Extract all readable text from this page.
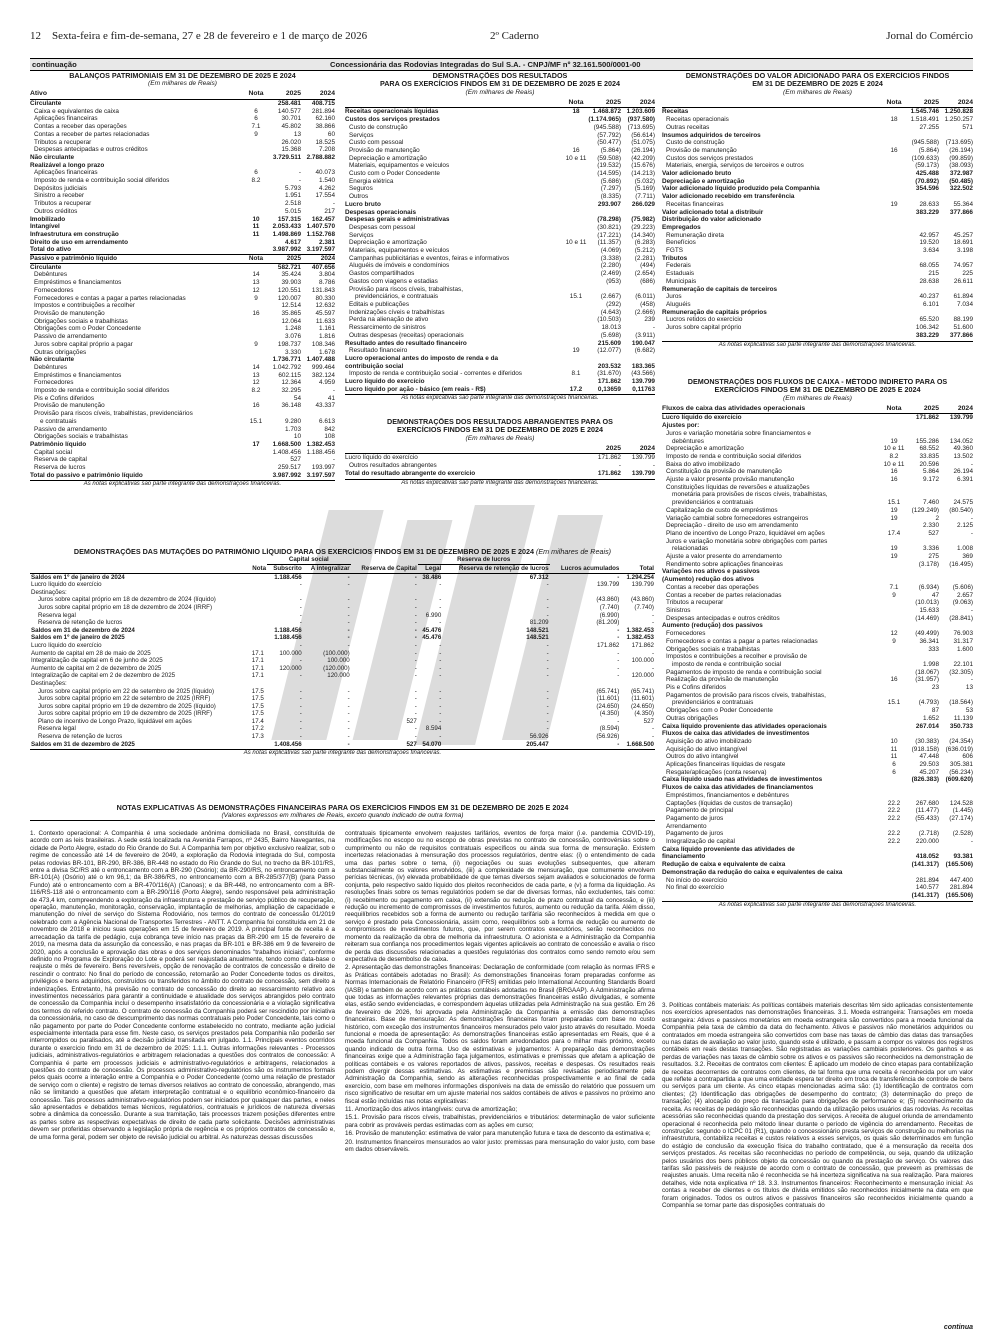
12 Sexta-feira e fim-de-semana, 27 e 28 de fevereiro e 1 de março de 2026	2º Caderno	Jornal do Comércio
continuação	Concessionária das Rodovias Integradas do Sul S.A. - CNPJ/MF nº 32.161.500/0001-00
BALANÇOS PATRIMONIAIS EM 31 DE DEZEMBRO DE 2025 E 2024
(Em milhares de Reais)
Ativo	Nota	2025	2024
Circulante	258.481	408.715
Caixa e equivalentes de caixa	6	140.577	281.894
Aplicações financeiras	6	30.701	62.160
Contas a receber das operações	7.1	45.802	38.866
Contas a receber de partes relacionadas	9	13	60
Tributos a recuperar	26.020	18.525
Despesas antecipadas e outros créditos	15.368	7.208
Não circulante	3.729.511 2.788.882
Realizável a longo prazo
Aplicações financeiras	6	-	40.073
Imposto de renda e contribuição social diferidos	8.2	-	1.540
Depósitos judiciais	5.793	4.262
Sinistro a receber	1.951	17.554
Tributos a recuperar	2.518	-
Outros créditos	5.015	217
Imobilizado	10	157.315	162.457
Intangível	11	2.053.433 1.407.570
Infraestrutura em construção	11	1.498.869 1.152.768
Direito de uso em arrendamento	4.617	2.381
Total do ativo	3.987.992 3.197.597
Passivo e patrimônio líquido	Nota	2025	2024
Circulante	582.721	407.656
Debêntures	14	35.424	3.804
Empréstimos e financiamentos	13	39.903	8.786
Fornecedores	12	120.551	131.843
Fornecedores e contas a pagar a partes relacionadas	9	120.007	80.330
Impostos e contribuições a recolher	12.514	12.632
Provisão de manutenção	16	35.865	45.597
Obrigações sociais e trabalhistas	12.064	11.633
Obrigações com o Poder Concedente	1.248	1.161
Passivo de arrendamento	3.076	1.816
Juros sobre capital próprio a pagar	9	198.737	108.346
Outras obrigações	3.330	1.678
Não circulante	1.736.771 1.407.488
Debêntures	14	1.042.792	999.464
Empréstimos e financiamentos	13	602.115	382.124
Fornecedores	12	12.364	4.959
Imposto de renda e contribuição social diferidos	8.2	32.295	-
Pis e Cofins diferidos	54	41
Provisão de manutenção	16	36.148	43.337
Provisão para riscos cíveis, trabalhistas, previdenciários
e contratuais	15.1	9.280	6.613
Passivo de arrendamento	1.703	842
Obrigações sociais e trabalhistas	10	108
Patrimônio líquido	17	1.668.500 1.382.453
Capital social	1.408.456 1.188.456
Reserva de capital	527	-
Reserva de lucros	259.517	193.997
Total do passivo e patrimônio líquido	3.987.992 3.197.597
As notas explicativas são parte integrante das demonstrações financeiras.
DEMONSTRAÇÕES DOS RESULTADOS
PARA OS EXERCÍCIOS FINDOS EM 31 DE DEZEMBRO DE 2025 E 2024
(Em milhares de Reais)
Nota	2025	2024
Receitas operacionais líquidas	18	1.468.872 1.203.609
Custos dos serviços prestados	(1.174.965)	(937.580)
Custo de construção	(945.588)	(713.695)
Serviços	(57.792)	(56.614)
Custo com pessoal	(50.477)	(51.075)
Provisão de manutenção	16	(5.864)	(26.194)
Depreciação e amortização	10 e 11	(59.508)	(42.209)
Materiais, equipamentos e veículos	(19.532)	(15.676)
Custo com o Poder Concedente	(14.595)	(14.213)
Energia elétrica	(5.686)	(5.032)
Seguros	(7.297)	(5.169)
Outros	(8.335)	(7.711)
Lucro bruto	293.907	266.029
Despesas operacionais
Despesas gerais e administrativas	(78.298)	(75.982)
Despesas com pessoal	(30.821)	(29.223)
Serviços	(17.221)	(14.340)
Depreciação e amortização	10 e 11	(11.357)	(6.283)
Materiais, equipamentos e veículos	(4.069)	(5.212)
Campanhas publicitárias e eventos, feiras e informativos	(3.338)	(2.281)
Aluguéis de imóveis e condomínios	(2.280)	(494)
Gastos compartilhados	(2.469)	(2.654)
Gastos com viagens e estadias	(953)	(686)
Provisão para riscos cíveis, trabalhistas,
previdenciários, e contratuais	15.1	(2.667)	(6.011)
Editais e publicações	(292)	(458)
Indenizações cíveis e trabalhistas	(4.643)	(2.666)
Perda na alienação de ativo	(10.503)	239
Ressarcimento de sinistros	18.013	-
Outras despesas (receitas) operacionais	(5.698)	(3.911)
Resultado antes do resultado financeiro	215.609	190.047
Resultado financeiro	19	(12.077)	(6.682)
Lucro operacional antes do imposto de renda e da
contribuição social	203.532	183.365
Imposto de renda e contribuição social - correntes e diferidos	8.1	(31.670)	(43.566)
Lucro líquido do exercício	171.862	139.799
Lucro líquido por ação - básico (em reais - R$)	17.2	0,13659	0,11763
As notas explicativas são parte integrante das demonstrações financeiras.
DEMONSTRAÇÕES DOS RESULTADOS ABRANGENTES PARA OS
EXERCÍCIOS FINDOS EM 31 DE DEZEMBRO DE 2025 E 2024
(Em milhares de Reais)
2025	2024
Lucro líquido do exercício	171.862	139.799
Outros resultados abrangentes	-	-
Total do resultado abrangente do exercício	171.862	139.799
As notas explicativas são parte integrante das demonstrações financeiras.
DEMONSTRAÇÕES DO VALOR ADICIONADO PARA OS EXERCÍCIOS FINDOS
EM 31 DE DEZEMBRO DE 2025 E 2024
(Em milhares de Reais)
Nota	2025	2024
Receitas	1.545.746 1.250.828
Receitas operacionais	18	1.518.491 1.250.257
Outras receitas	27.255	571
Insumos adquiridos de terceiros
Custo de construção	(945.588)	(713.695)
Provisão de manutenção	16	(5.864)	(26.194)
Custos dos serviços prestados	(109.633)	(99.859)
Materiais, energia, serviços de terceiros e outros	(59.173)	(38.093)
Valor adicionado bruto	425.488	372.987
Depreciação e amortização	(70.892)	(50.485)
Valor adicionado líquido produzido pela Companhia	354.596	322.502
Valor adicionado recebido em transferência
Receitas financeiras	19	28.633	55.364
Valor adicionado total a distribuir	383.229	377.866
Distribuição do valor adicionado
Empregados
Remuneração direta	42.957	45.257
Benefícios	19.520	18.691
FGTS	3.634	3.198
Tributos
Federais	68.055	74.957
Estaduais	215	225
Municipais	28.638	26.611
Remuneração de capitais de terceiros
Juros	40.237	61.894
Aluguéis	6.101	7.034
Remuneração de capitais próprios
Lucros retidos do exercício	65.520	88.199
Juros sobre capital próprio	106.342	51.600
383.229	377.866
As notas explicativas são parte integrante das demonstrações financeiras.
DEMONSTRAÇÕES DOS FLUXOS DE CAIXA - MÉTODO INDIRETO PARA OS
EXERCÍCIOS FINDOS EM 31 DE DEZEMBRO DE 2025 E 2024
(Em milhares de Reais)
Fluxos de caixa das atividades operacionais	Nota	2025	2024
Lucro líquido do exercício	171.862	139.799
Ajustes por:
Juros e variação monetária sobre financiamentos e
debêntures	19	155.286	134.052
Depreciação e amortização	10 e 11	68.552	49.360
Imposto de renda e contribuição social diferidos	8.2	33.835	13.502
Baixa do ativo imobilizado	10 e 11	20.596	-
Constituição da provisão de manutenção	16	5.864	26.194
Ajuste a valor presente provisão manutenção	16	9.172	6.391
Constituições líquidas de reversões e atualizações
monetária para provisões de riscos cíveis, trabalhistas,
previdenciários e contratuais	15.1	7.460	24.575
Capitalização de custo de empréstimos	19	(129.249)	(80.540)
Variação cambial sobre fornecedores estrangeiros	19	2	-
Depreciação - direito de uso em arrendamento	2.330	2.125
Plano de incentivo de Longo Prazo, liquidável em ações	17.4	527	-
Juros e variação monetária sobre obrigações com partes
relacionadas	19	3.336	1.008
Ajuste a valor presente do arrendamento	19	275	369
Rendimento sobre aplicações financeiras	(3.178)	(16.495)
Variações nos ativos e passivos
(Aumento) redução dos ativos
Contas a receber das operações	7.1	(6.934)	(5.606)
Contas a receber de partes relacionadas	9	47	2.657
Tributos a recuperar	(10.013)	(9.063)
Sinistros	15.633	-
Despesas antecipadas e outros créditos	(14.469)	(28.841)
Aumento (redução) dos passivos
Fornecedores	12	(49.499)	76.903
Fornecedores e contas a pagar a partes relacionadas	9	36.341	31.317
Obrigações sociais e trabalhistas	333	1.600
Impostos e contribuições a recolher e provisão de
imposto de renda e contribuição social	1.998	22.101
Pagamentos de imposto de renda e contribuição social	(18.067)	(32.305)
Realização da provisão de manutenção	16	(31.957)	-
Pis e Cofins diferidos	23	13
Pagamentos de provisão para riscos cíveis, trabalhistas,
previdenciários e contratuais	15.1	(4.793)	(18.564)
Obrigações com o Poder Concedente	87	53
Outras obrigações	1.652	11.139
Caixa líquido proveniente das atividades operacionais	267.014	350.733
Fluxos de caixa das atividades de investimentos
Aquisição do ativo imobilizado	10	(30.383)	(24.354)
Aquisição de ativo intangível	11	(918.158)	(636.019)
Outros do ativo intangível	11	47.448	606
Aplicações financeiras líquidas de resgate	6	29.503	305.381
Resgate/aplicações (conta reserva)	6	45.207	(56.234)
Caixa líquido usado nas atividades de investimentos	(826.383)	(609.620)
Fluxos de caixa das atividades de financiamentos
Empréstimos, financiamentos e debêntures
Captações (líquidas de custos de transação)	22.2	267.680	124.528
Pagamento de principal	22.2	(11.477)	(1.445)
Pagamento de juros	22.2	(55.433)	(27.174)
Arrendamento
Pagamento de juros	22.2	(2.718)	(2.528)
Integralização de capital	22.2	220.000	-
Caixa líquido proveniente das atividades de
financiamento	418.052	93.381
Redução de caixa e equivalente de caixa	(141.317)	(165.506)
Demonstração da redução do caixa e equivalentes de caixa
No início do exercício	281.894	447.400
No final do exercício	140.577	281.894
(141.317)	(165.506)
As notas explicativas são parte integrante das demonstrações financeiras.
DEMONSTRAÇÕES DAS MUTAÇÕES DO PATRIMÔNIO LÍQUIDO PARA OS EXERCÍCIOS FINDOS EM 31 DE DEZEMBRO DE 2025 E 2024 (Em milhares de Reais)
		Capital social			Reserva de lucros			
	Nota	Subscrito	A integralizar	Reserva de Capital	Legal	Reserva de retenção de lucros	Lucros acumulados	Total
Saldos em 1º de janeiro de 2024		1.188.456	-	-	38.486	67.312	-	1.294.254
Lucro líquido do exercício		-	-	-	-	-	139.799	139.799
Destinações:								
Juros sobre capital próprio em 18 de dezembro de 2024 (líquido)		-	-	-	-	-	(43.860)	(43.860)
Juros sobre capital próprio em 18 de dezembro de 2024 (IRRF)		-	-	-	-	-	(7.740)	(7.740)
Reserva legal		-	-	-	6.990	-	(6.990)	-
Reserva de retenção de lucros		-	-	-	-	81.209	(81.209)	-
Saldos em 31 de dezembro de 2024		1.188.456	-	-	45.476	148.521	-	1.382.453
Saldos em 1º de janeiro de 2025		1.188.456	-	-	45.476	148.521	-	1.382.453
Lucro líquido do exercício		-	-	-	-	-	171.862	171.862
Aumento de capital em 28 de maio de 2025	17.1	100.000	(100.000)	-	-	-	-	-
Integralização de capital em 6 de junho de 2025	17.1	-	100.000	-	-	-	-	100.000
Aumento de capital em 2 de dezembro de 2025	17.1	120.000	(120.000)	-	-	-	-	-
Integralização de capital em 2 de dezembro de 2025	17.1	-	120.000	-	-	-	-	120.000
Destinações:								
Juros sobre capital próprio em 22 de setembro de 2025 (líquido)	17.5	-	-	-	-	-	(65.741)	(65.741)
Juros sobre capital próprio em 22 de setembro de 2025 (IRRF)	17.5	-	-	-	-	-	(11.601)	(11.601)
Juros sobre capital próprio em 19 de dezembro de 2025 (líquido)	17.5	-	-	-	-	-	(24.650)	(24.650)
Juros sobre capital próprio em 19 de dezembro de 2025 (IRRF)	17.5	-	-	-	-	-	(4.350)	(4.350)
Plano de incentivo de Longo Prazo, liquidável em ações	17.4	-	-	527	-	-	-	527
Reserva legal	17.2	-	-	-	8.594	-	(8.594)	-
Reserva de retenção de lucros	17.3	-	-	-	-	56.926	(56.926)	-
Saldos em 31 de dezembro de 2025		1.408.456	-	527	54.070	205.447	-	1.668.500
As notas explicativas são parte integrante das demonstrações financeiras.
NOTAS EXPLICATIVAS ÀS DEMONSTRAÇÕES FINANCEIRAS PARA OS EXERCÍCIOS FINDOS EM 31 DE DEZEMBRO DE 2025 E 2024
(Valores expressos em milhares de Reais, exceto quando indicado de outra forma)

1. Contexto operacional: A Companhia é uma sociedade anônima domiciliada no Brasil, constituída de acordo com as leis brasileiras. A sede está localizada na Avenida Farrapos, nº 2435, Bairro Navegantes, na cidade de Porto Alegre, estado do Rio Grande do Sul. A Companhia tem por objetivo exclusivo realizar, sob o regime de concessão até 14 de fevereiro de 2049, a exploração da Rodovia integrada do Sul, composta pelas rodovias BR-101, BR-290, BR-386, BR-448 no estado do Rio Grande do Sul, no trecho da BR-101/RS, entre a divisa SC/RS até o entroncamento com a BR-290 (Osório); da BR-290/RS, no entroncamento com a BR-101(A) (Osório) até o km 96,1; da BR-386/RS, no entroncamento com a BR-285/377(B) (para Passo Fundo) até o entroncamento com a BR-470/116(A) (Canoas); e da BR-448, no entroncamento com a BR-116/RS-118 até o entroncamento com a BR-290/116 (Porto Alegre), sendo responsável pela administração de 473,4 km, compreendendo a exploração da infraestrutura e prestação de serviço público de recuperação, operação, manutenção, monitoração, conservação, implantação de melhorias, ampliação de capacidade e manutenção do nível de serviço do Sistema Rodoviário, nos termos do contrato de concessão 01/2019 celebrado com a Agência Nacional de Transportes Terrestres - ANTT. A Companhia foi constituída em 21 de novembro de 2018 e iniciou suas operações em 15 de fevereiro de 2019. A principal fonte de receita é a arrecadação da tarifa de pedágio, cuja cobrança teve início nas praças da BR-290 em 15 de fevereiro de 2019, na mesma data da assunção da concessão, e nas praças da BR-101 e BR-386 em 9 de fevereiro de 2020, após a conclusão e aprovação das obras e dos serviços denominados "trabalhos iniciais", conforme definido no Programa de Exploração do Lote e poderá ser reajustada anualmente, tendo como data-base o reajuste o mês de fevereiro. Bens reversíveis, opção de renovação de contratos de concessão e direito de rescindir o contrato: No final do período de concessão, retornarão ao Poder Concedente todos os direitos, privilégios e bens adquiridos, construídos ou transferidos no âmbito do contrato de concessão, sem direito a indenizações. Entretanto, há previsão no contrato de concessão do direito ao ressarcimento relativo aos investimentos necessários para garantir a continuidade e atualidade dos serviços abrangidos pelo contrato de concessão da Companhia incluí o desempenho insatisfatório da concessionária e a violação significativa dos termos do referido contrato. O contrato de concessão da Companhia poderá ser rescindido por iniciativa da concessionária, no caso de descumprimento das normas contratuais pelo Poder Concedente, tais como o não pagamento por parte do Poder Concedente conforme estabelecido no contrato, mediante ação judicial especialmente intentada para esse fim. Neste caso, os serviços prestados pela Companhia não poderão ser interrompidos ou paralisados, até a decisão judicial transitada em julgado. 1.1. Principais eventos ocorridos durante o exercício findo em 31 de dezembro de 2025: 1.1.1. Outras informações relevantes - Processos judiciais, administrativos-regulatórios e arbitragem relacionadas a questões dos contratos de concessão: A Companhia é parte em processos judiciais e administrativo-regulatórios e arbitragens, relacionados a questões do contrato de concessão. Os processos administrativo-regulatórios são os instrumentos formais pelos quais ocorre a interação entre a Companhia e o Poder Concedente (como uma relação de prestador de serviço com o cliente) e registro de temas diversos relativos ao contrato de concessão, abrangendo, mas não se limitando a questões que afetam interpretação contratual e o equilíbrio econômico-financeiro da concessão. Tais processos administrativo-regulatórios podem ser iniciados por quaisquer das partes, e neles são apresentados e debatidos temas técnicos, regulatórios, contratuais e jurídicos de natureza diversas sobre a dinâmica da concessão. Durante a sua tramitação, tais processos trazem posições diferentes entre as partes sobre as respectivas expectativas de direito de cada parte solicitante. Decisões administrativas devem ser proferidas observando a legislação própria de regência e os próprios contratos de concessão e, de uma forma geral, podem ser objeto de revisão judicial ou arbitral. As naturezas dessas discussões

contratuais tipicamente envolvem reajustes tarifários, eventos de força maior (i.e. pandemia COVID-19), modificações no escopo ou no escopo de obras previstas no contrato de concessão, controvérsias sobre o cumprimento ou não de requisitos contratuais específicos ou ainda sua forma de mensuração. Existem incertezas relacionadas à mensuração dos processos regulatórios, dentre elas: (i) o entendimento de cada uma das partes sobre o tema, (ii) negociações ou suas evoluções subsequentes, que alteram substancialmente os valores envolvidos, (iii) a complexidade de mensuração, que comumente envolvem perícias técnicas, (iv) elevada probabilidade de que temas diversos sejam avaliados e solucionados de forma conjunta, pelo respectivo saldo líquido dos pleitos reconhecidos de cada parte, e (v) a forma da liquidação. As resoluções finais sobre os temas regulatórios podem se dar de diversas formas, não excludentes, tais como: (i) recebimento ou pagamento em caixa, (ii) extensão ou redução de prazo contratual da concessão, e (iii) redução ou incremento de compromissos de investimentos futuros, aumento ou redução da tarifa. Além disso, reequilíbrios recebidos sob a forma de aumento ou redução tarifária são reconhecidos à medida em que o serviço é prestado pela Concessionária, assim como, reequilíbrios sob a forma de redução ou aumento de compromissos de investimentos futuros, que, por serem contratos executórios, serão reconhecidos no momento da realização da obra de melhoria da infraestrutura. O acionista e a Administração da Companhia reiteram sua confiança nos procedimentos legais vigentes aplicáveis ao contrato de concessão e avalia o risco de perda das discussões relacionadas a questões regulatórias dos contratos como sendo remoto e/ou sem expectativa de desembolso de caixa.

2. Apresentação das demonstrações financeiras: Declaração de conformidade (com relação às normas IFRS e às Práticas contábeis adotadas no Brasil): As demonstrações financeiras foram preparadas conforme as Normas Internacionais de Relatório Financeiro (IFRS) emitidas pelo International Accounting Standards Board (IASB) e também de acordo com as práticas contábeis adotadas no Brasil (BRGAAP). A Administração afirma que todas as informações relevantes próprias das demonstrações financeiras estão divulgadas, e somente elas, estão sendo evidenciadas, e correspondem àquelas utilizadas pela Administração na sua gestão. Em 26 de fevereiro de 2026, foi aprovada pela Administração da Companhia a emissão das demonstrações financeiras. Base de mensuração: As demonstrações financeiras foram preparadas com base no custo histórico, com exceção dos instrumentos financeiros mensurados pelo valor justo através do resultado. Moeda funcional e moeda de apresentação: As demonstrações financeiras estão apresentadas em Reais, que é a moeda funcional da Companhia. Todos os saldos foram arredondados para o milhar mais próximo, exceto quando indicado de outra forma. Uso de estimativas e julgamentos: A preparação das demonstrações financeiras exige que a Administração faça julgamentos, estimativas e premissas que afetam a aplicação de políticas contábeis e os valores reportados de ativos, passivos, receitas e despesas. Os resultados reais podem divergir dessas estimativas. As estimativas e premissas são revisadas periodicamente pela Administração da Companhia, sendo as alterações reconhecidas prospectivamente e ao final de cada exercício, com base em melhores informações disponíveis na data de emissão do relatório que possuem um risco significativo de resultar em um ajuste material nos saldos contábeis de ativos e passivos no próximo ano fiscal estão incluídas nas notas explicativas:

11. Amortização dos ativos intangíveis: curva de amortização;

15.1. Provisão para riscos cíveis, trabalhistas, previdenciários e tributários: determinação de valor suficiente para cobrir as prováveis perdas estimadas com as ações em curso;

16. Provisão de manutenção: estimativa de valor para manutenção futura e taxa de desconto da estimativa e;

20. Instrumentos financeiros mensurados ao valor justo: premissas para mensuração do valor justo, com base em dados observáveis.

3. Políticas contábeis materiais: As políticas contábeis materiais descritas têm sido aplicadas consistentemente nos exercícios apresentados nas demonstrações financeiras. 3.1. Moeda estrangeira: Transações em moeda estrangeira: Ativos e passivos monetários em moeda estrangeira são convertidos para a moeda funcional da Companhia pela taxa de câmbio da data do fechamento. Ativos e passivos não monetários adquiridos ou contratados em moeda estrangeira são convertidos com base nas taxas de câmbio das datas das transações ou nas datas de avaliação ao valor justo, quando este é utilizado, e passam a compor os valores dos registros contábeis em reais destas transações. São registradas as variações cambiais posteriores. Os ganhos e as perdas de variações nas taxas de câmbio sobre os ativos e os passivos são reconhecidos na demonstração de resultados. 3.2. Receitas de contratos com clientes: É aplicado um modelo de cinco etapas para contabilização de receitas decorrentes de contratos com clientes, de tal forma que uma receita é reconhecida por um valor que reflete a contrapartida a que uma entidade espera ter direito em troca de transferência de controle de bens ou serviços para um cliente. As cinco etapas mencionadas acima são: (1) Identificação de contratos com clientes; (2) Identificação das obrigações de desempenho do contrato; (3) determinação do preço de transação; (4) alocação do preço da transação para obrigações de performance e; (5) reconhecimento da receita. As receitas de pedágio são reconhecidas quando da utilização pelos usuários das rodovias. As receitas acessórias são reconhecidas quando da prestação dos serviços. A receita de aluguel oriunda de arrendamento operacional é reconhecida pelo método linear durante o período de vigência do arrendamento. Receitas de construção: segundo o ICPC 01 (R1), quando o concessionário presta serviços de construção ou melhorias na infraestrutura, contabiliza receitas e custos relativos a esses serviços, os quais são determinados em função do estágio de conclusão da execução física do trabalho contratado, que é a mensuração da receita dos serviços prestados. As receitas são reconhecidas no período de competência, ou seja, quando da utilização pelos usuários dos bens públicos objeto da concessão ou quando da prestação de serviço. Os valores das tarifas são passíveis de reajuste de acordo com o contrato de concessão, que preveem as premissas de reajustes anuais. Uma receita não é reconhecida se há incerteza significativa na sua realização. Para maiores detalhes, vide nota explicativa nº 18. 3.3. Instrumentos financeiros: Reconhecimento e mensuração inicial: As contas a receber de clientes e os títulos de dívida emitidos são reconhecidos inicialmente na data em que foram originados. Todos os outros ativos e passivos financeiros são reconhecidos inicialmente quando a Companhia se tornar parte das disposições contratuais do

continua
